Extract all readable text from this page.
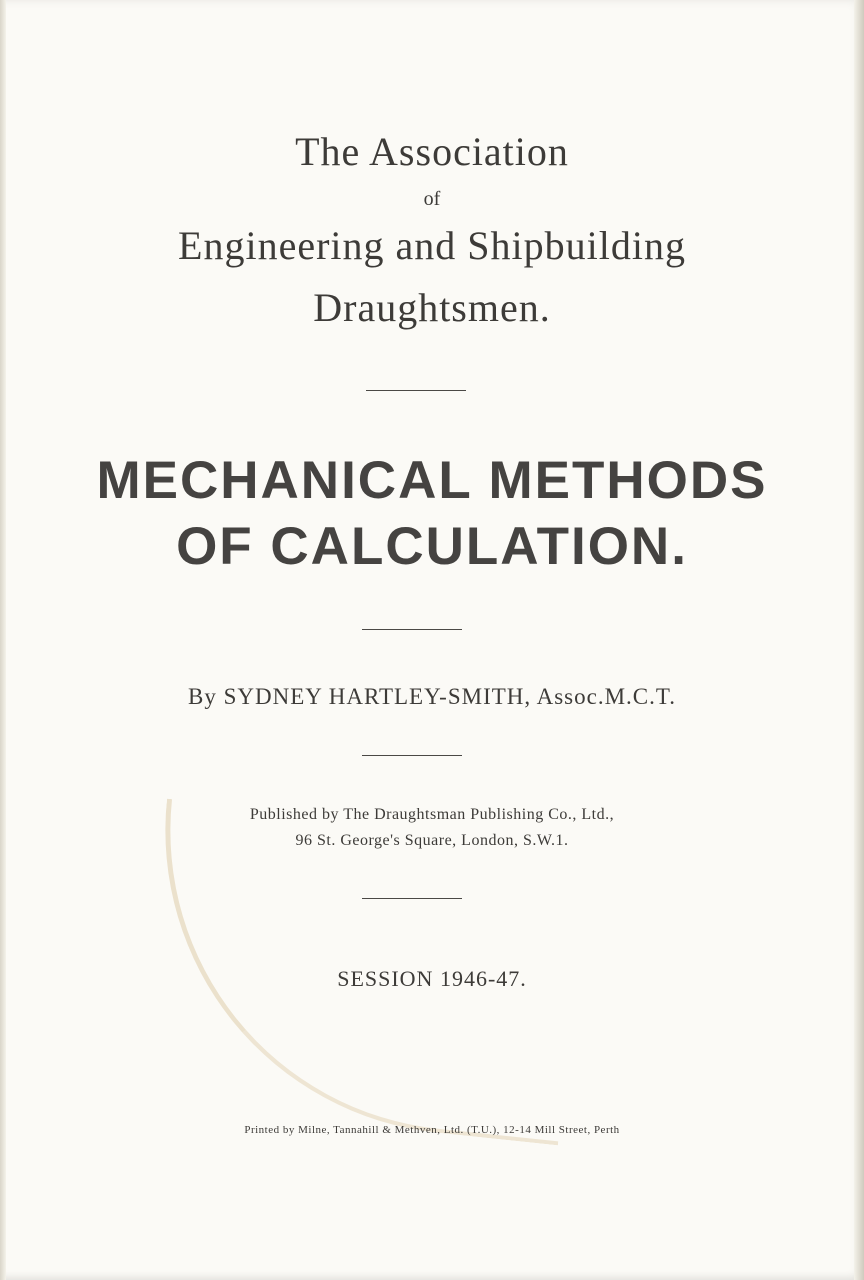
The Association
of
Engineering and Shipbuilding
Draughtsmen.
MECHANICAL METHODS
OF CALCULATION.
By SYDNEY HARTLEY-SMITH, Assoc.M.C.T.
Published by The Draughtsman Publishing Co., Ltd.,
96 St. George's Square, London, S.W.1.
SESSION 1946-47.
Printed by Milne, Tannahill & Methven, Ltd. (T.U.), 12-14 Mill Street, Perth
